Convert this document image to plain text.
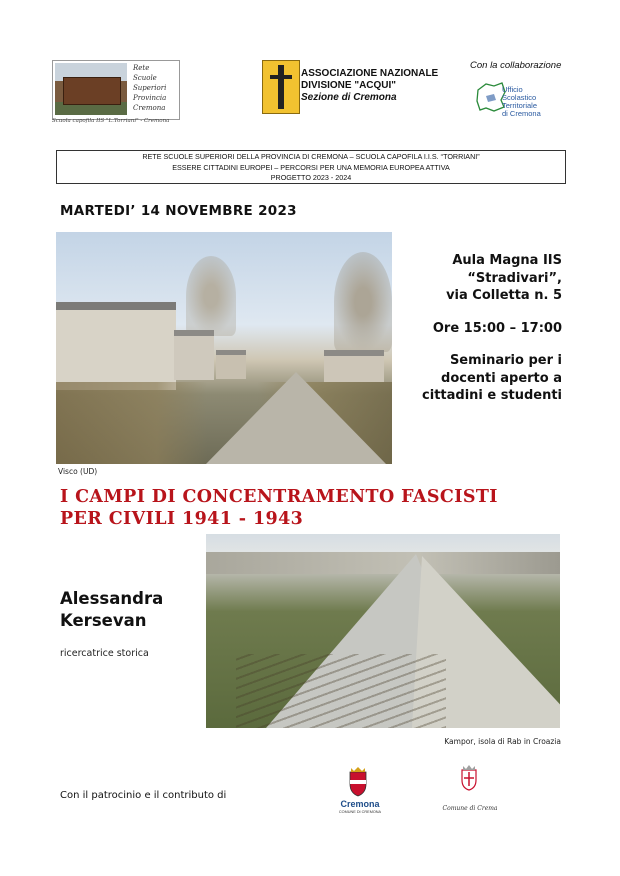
Rete
Scuole
Superiori
Provincia
Cremona
Scuola capofila IIS "L.Torriani" - Cremona
ASSOCIAZIONE NAZIONALE
DIVISIONE "ACQUI"
Sezione di Cremona
Con la collaborazione
Ufficio
Scolastico
Territoriale
di Cremona
RETE SCUOLE SUPERIORI DELLA PROVINCIA DI CREMONA – SCUOLA CAPOFILA I.I.S. “TORRIANI”
ESSERE CITTADINI EUROPEI – PERCORSI PER UNA MEMORIA EUROPEA ATTIVA
PROGETTO 2023 - 2024
MARTEDI’ 14 NOVEMBRE 2023
Visco (UD)

Aula Magna IIS
“Stradivari”,
via Colletta n. 5

Ore 15:00 – 17:00

Seminario per i
docenti aperto a
cittadini e studenti

I CAMPI DI CONCENTRAMENTO FASCISTI
PER CIVILI 1941 - 1943
Kampor, isola di Rab in Croazia
Alessandra
Kersevan
ricercatrice storica
Con il patrocinio e il contributo di
Cremona
COMUNE DI CREMONA	Comune di Crema
